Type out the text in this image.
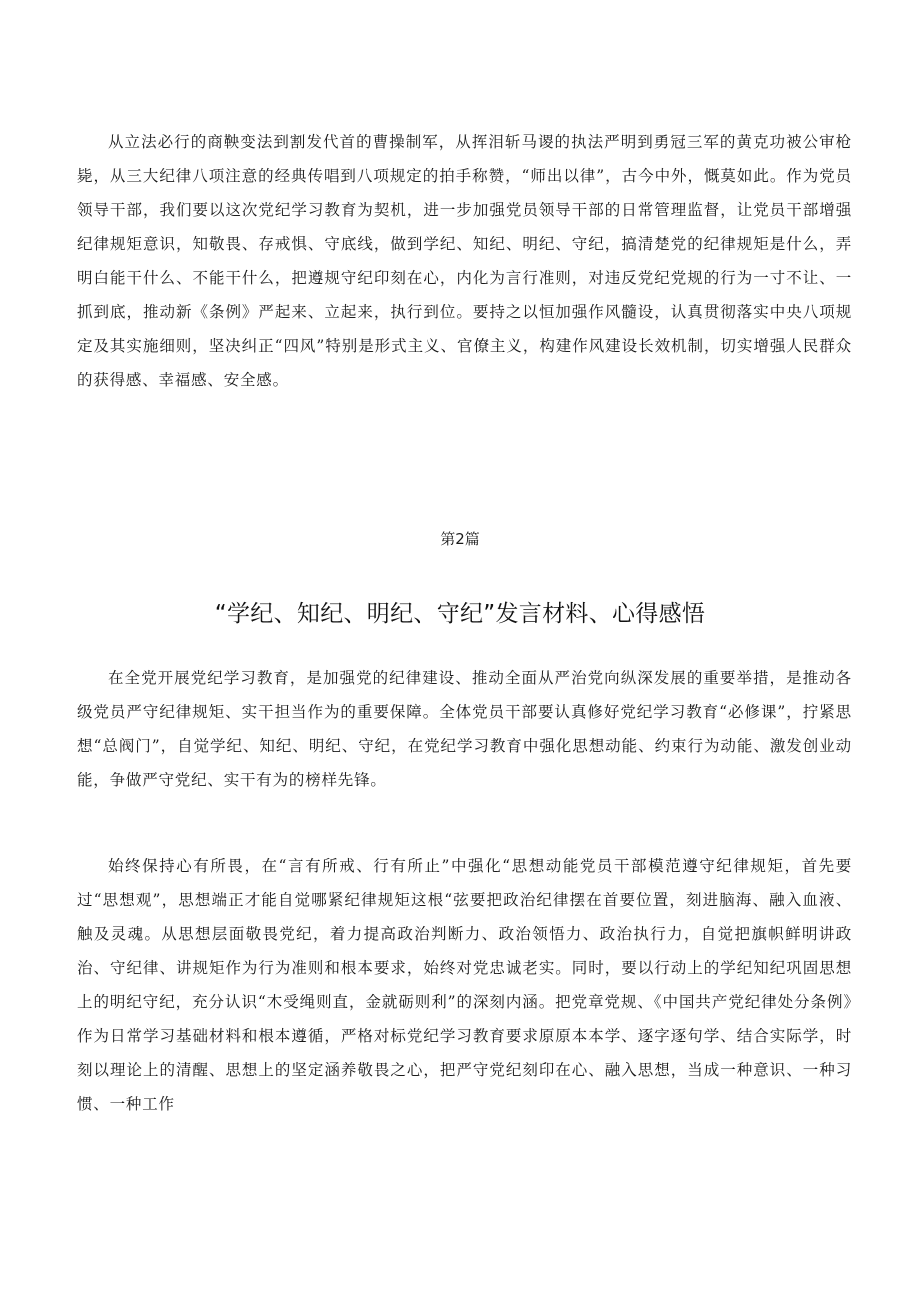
从立法必行的商鞅变法到割发代首的曹操制军，从挥泪斩马谡的执法严明到勇冠三军的黄克功被公审枪毙，从三大纪律八项注意的经典传唱到八项规定的拍手称赞，“师出以律”，古今中外，慨莫如此。作为党员领导干部，我们要以这次党纪学习教育为契机，进一步加强党员领导干部的日常管理监督，让党员干部增强纪律规矩意识，知敬畏、存戒惧、守底线，做到学纪、知纪、明纪、守纪，搞清楚党的纪律规矩是什么，弄明白能干什么、不能干什么，把遵规守纪印刻在心，内化为言行准则，对违反党纪党规的行为一寸不让、一抓到底，推动新《条例》严起来、立起来，执行到位。要持之以恒加强作风髓设，认真贯彻落实中央八项规定及其实施细则，坚决纠正“四风”特别是形式主义、官僚主义，构建作风建设长效机制，切实增强人民群众的获得感、幸福感、安全感。

第2篇
“学纪、知纪、明纪、守纪”发言材料、心得感悟

在全党开展党纪学习教育，是加强党的纪律建设、推动全面从严治党向纵深发展的重要举措，是推动各级党员严守纪律规矩、实干担当作为的重要保障。全体党员干部要认真修好党纪学习教育“必修课”，拧紧思想“总阀门”，自觉学纪、知纪、明纪、守纪，在党纪学习教育中强化思想动能、约束行为动能、激发创业动能，争做严守党纪、实干有为的榜样先锋。

始终保持心有所畏，在“言有所戒、行有所止”中强化“思想动能党员干部模范遵守纪律规矩，首先要过“思想观”，思想端正才能自觉哪紧纪律规矩这根“弦要把政治纪律摆在首要位置，刻进脑海、融入血液、触及灵魂。从思想层面敬畏党纪，着力提高政治判断力、政治领悟力、政治执行力，自觉把旗帜鲜明讲政治、守纪律、讲规矩作为行为准则和根本要求，始终对党忠诚老实。同时，要以行动上的学纪知纪巩固思想上的明纪守纪，充分认识“木受绳则直，金就砺则利”的深刻内涵。把党章党规、《中国共产党纪律处分条例》作为日常学习基础材料和根本遵循，严格对标党纪学习教育要求原原本本学、逐字逐句学、结合实际学，时刻以理论上的清醒、思想上的坚定涵养敬畏之心，把严守党纪刻印在心、融入思想，当成一种意识、一种习惯、一种工作
